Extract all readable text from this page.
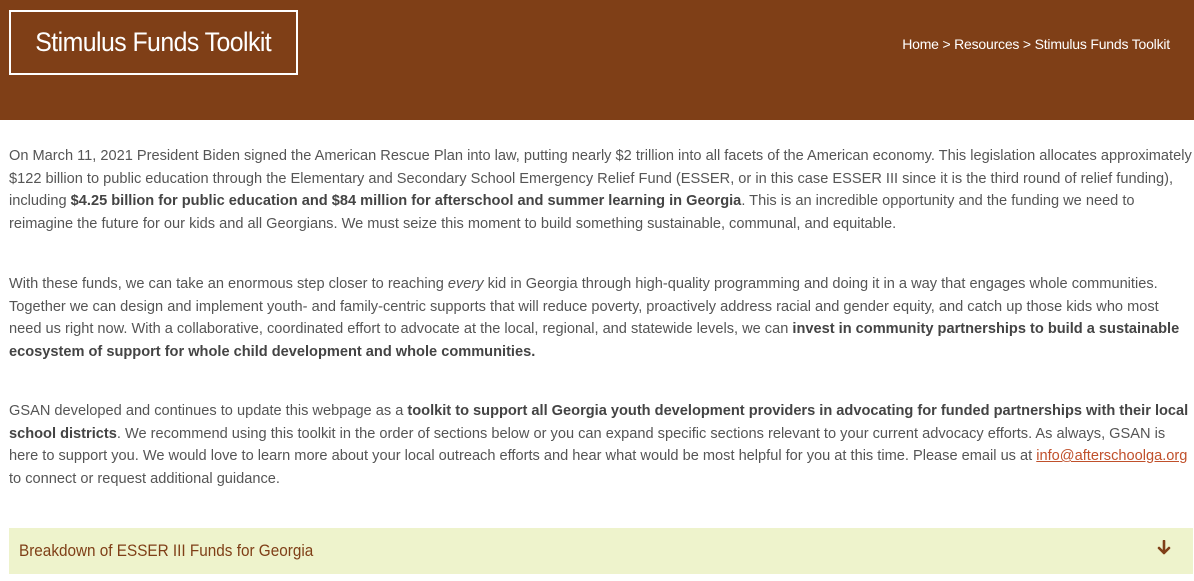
Stimulus Funds Toolkit	Home > Resources > Stimulus Funds Toolkit

On March 11, 2021 President Biden signed the American Rescue Plan into law, putting nearly $2 trillion into all facets of the American economy. This legislation allocates approximately $122 billion to public education through the Elementary and Secondary School Emergency Relief Fund (ESSER, or in this case ESSER III since it is the third round of relief funding), including $4.25 billion for public education and $84 million for afterschool and summer learning in Georgia. This is an incredible opportunity and the funding we need to reimagine the future for our kids and all Georgians. We must seize this moment to build something sustainable, communal, and equitable.

With these funds, we can take an enormous step closer to reaching every kid in Georgia through high-quality programming and doing it in a way that engages whole communities. Together we can design and implement youth- and family-centric supports that will reduce poverty, proactively address racial and gender equity, and catch up those kids who most need us right now. With a collaborative, coordinated effort to advocate at the local, regional, and statewide levels, we can invest in community partnerships to build a sustainable ecosystem of support for whole child development and whole communities.

GSAN developed and continues to update this webpage as a toolkit to support all Georgia youth development providers in advocating for funded partnerships with their local school districts. We recommend using this toolkit in the order of sections below or you can expand specific sections relevant to your current advocacy efforts. As always, GSAN is here to support you. We would love to learn more about your local outreach efforts and hear what would be most helpful for you at this time. Please email us at info@afterschoolga.org to connect or request additional guidance.

Breakdown of ESSER III Funds for Georgia
